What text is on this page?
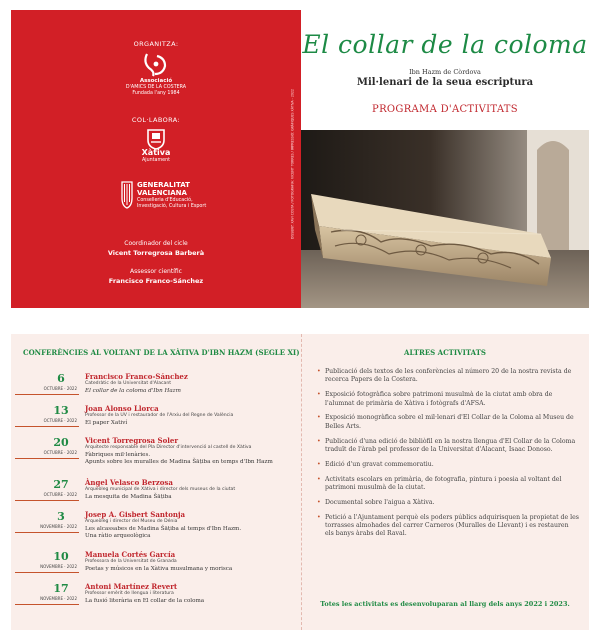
ORGANITZA:
Associació
D'AMICS DE LA COSTERA
Fundada l'any 1984
COL·LABORA:
Xàtiva
Ajuntament
GENERALITAT
VALENCIANA
Conselleria d'Educació,
Investigació, Cultura i Esport
Coordinador del cicle
Vicent Torregrosa Barberà
Assessor científic
Francisco Franco-Sánchez
DISSENY: XAVI COSTA / FOTOGRAFIA: VICENT TORRES / IMPRESSIÓ: GRÀFIQUES XÀTIVA - 2022
El collar de la coloma
Ibn Hazm de Còrdova
Mil·lenari de la seua escriptura
PROGRAMA D'ACTIVITATS
CONFERÈNCIES AL VOLTANT DE LA XÀTIVA D'IBN HAZM (SEGLE XI)
6
OCTUBRE · 2022
Francisco Franco-Sánchez
Catedràtic de la Universitat d'Alacant
El collar de la coloma d'Ibn Hazm
13
OCTUBRE · 2022
Joan Alonso Llorca
Professor de la UV i restaurador de l'Arxiu del Regne de València
El paper Xativí
20
OCTUBRE · 2022
Vicent Torregrosa Soler
Arquitecte responsable del Pla Director d'intervenció al castell de Xàtiva
Fàbriques mil·lenàries.
Apunts sobre les muralles de Madina Šāṭiba en temps d'Ibn Hazm
27
OCTUBRE · 2022
Àngel Velasco Berzosa
Arqueòleg municipal de Xàtiva i director dels museus de la ciutat
La mesquita de Madina Šāṭiba
3
NOVEMBRE · 2022
Josep A. Gisbert Santonja
Arqueòleg i director del Museu de Dénia
Les alcassabes de Madina Šāṭiba al temps d'Ibn Hazm.
Una ràtio arqueològica
10
NOVEMBRE · 2022
Manuela Cortés García
Professora de la Universitat de Granada
Poetas y músicos en la Xàtiva musulmana y morisca
17
NOVEMBRE · 2022
Antoni Martínez Revert
Professor emèrit de llengua i literatura
La fusió literària en El collar de la coloma
ALTRES ACTIVITATS
• Publicació dels textos de les conferències al número 20 de la nostra revista de recerca Papers de la Costera.
• Exposició fotogràfica sobre patrimoni musulmà de la ciutat amb obra de l'alumnat de primària de Xàtiva i fotògrafs d'AFSA.
• Exposició monogràfica sobre el mil·lenari d'El Collar de la Coloma al Museu de Belles Arts.
• Publicació d'una edició de bibliòfil en la nostra llengua d'El Collar de la Coloma traduït de l'àrab pel professor de la Universitat d'Alacant, Isaac Donoso.
• Edició d'un gravat commemoratiu.
• Activitats escolars en primària, de fotografia, pintura i poesia al voltant del patrimoni musulmà de la ciutat.
• Documental sobre l'aigua a Xàtiva.
• Petició a l'Ajuntament perquè els poders públics adquirisquen la propietat de les torrasses almohades del carrer Carneros (Muralles de Llevant) i es restauren els banys àrabs del Raval.
Totes les activitats es desenvoluparan al llarg dels anys 2022 i 2023.
